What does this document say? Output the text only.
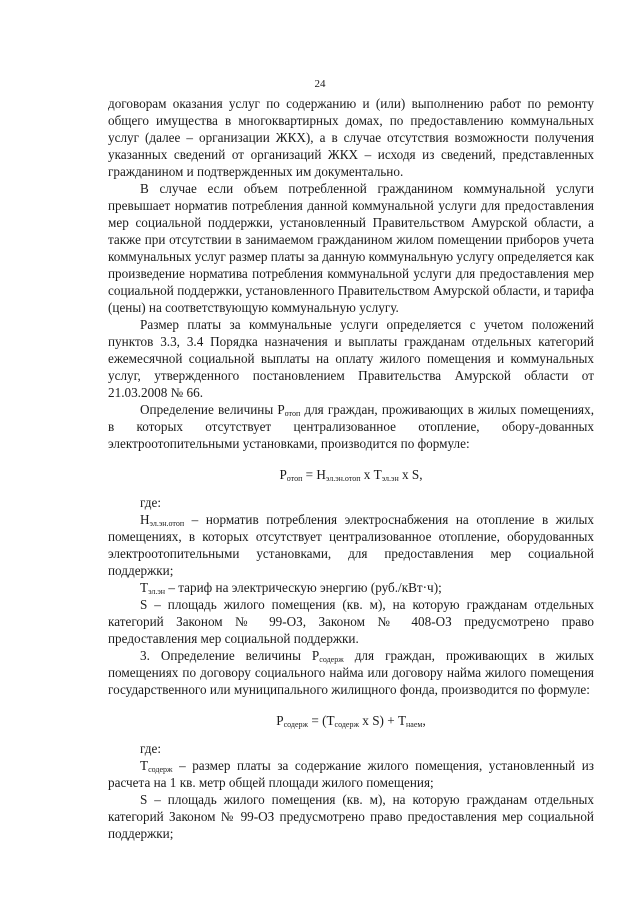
24

договорам оказания услуг по содержанию и (или) выполнению работ по ремонту общего имущества в многоквартирных домах, по предоставлению коммунальных услуг (далее – организации ЖКХ), а в случае отсутствия возможности получения указанных сведений от организаций ЖКХ – исходя из сведений, представленных гражданином и подтвержденных им документально.

В случае если объем потребленной гражданином коммунальной услуги превышает норматив потребления данной коммунальной услуги для предоставления мер социальной поддержки, установленный Правительством Амурской области, а также при отсутствии в занимаемом гражданином жилом помещении приборов учета коммунальных услуг размер платы за данную коммунальную услугу определяется как произведение норматива потребления коммунальной услуги для предоставления мер социальной поддержки, установленного Правительством Амурской области, и тарифа (цены) на соответствующую коммунальную услугу.

Размер платы за коммунальные услуги определяется с учетом положений пунктов 3.3, 3.4 Порядка назначения и выплаты гражданам отдельных категорий ежемесячной социальной выплаты на оплату жилого помещения и коммунальных услуг, утвержденного постановлением Правительства Амурской области от 21.03.2008 № 66.

Определение величины $Р_{отоп}$ для граждан, проживающих в жилых помещениях, в которых отсутствует централизованное отопление, обору-дованных электроотопительными установками, производится по формуле:

$Р_{отоп} = Н_{эл.эн.отоп}$ х $Т_{эл.эн}$ х S,

где:

$Н_{эл.эн.отоп}$ – норматив потребления электроснабжения на отопление в жилых помещениях, в которых отсутствует централизованное отопление, оборудованных электроотопительными установками, для предоставления мер социальной поддержки;

$Т_{эл.эн}$ – тариф на электрическую энергию (руб./кВт·ч);

S – площадь жилого помещения (кв. м), на которую гражданам отдельных категорий Законом № 99-ОЗ, Законом № 408-ОЗ предусмотрено право предоставления мер социальной поддержки.

3. Определение величины $Р_{содерж}$ для граждан, проживающих в жилых помещениях по договору социального найма или договору найма жилого помещения государственного или муниципального жилищного фонда, производится по формуле:

$Р_{содерж} = (Т_{содерж}$ х $S) + Т_{наем}$,

где:

$Т_{содерж}$ – размер платы за содержание жилого помещения, установленный из расчета на 1 кв. метр общей площади жилого помещения;

S – площадь жилого помещения (кв. м), на которую гражданам отдельных категорий Законом № 99-ОЗ предусмотрено право предоставления мер социальной поддержки;
